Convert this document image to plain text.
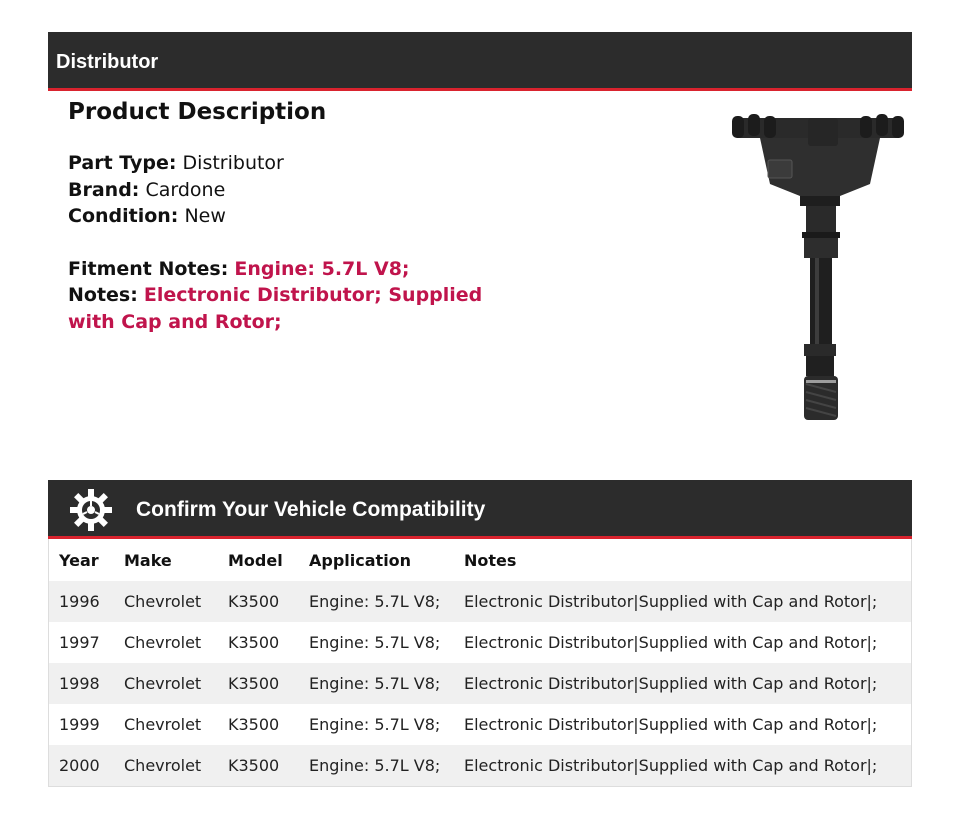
Distributor
Product Description
Part Type: Distributor
Brand: Cardone
Condition: New
Fitment Notes: Engine: 5.7L V8;
Notes: Electronic Distributor; Supplied with Cap and Rotor;
Confirm Your Vehicle Compatibility
Year	Make	Model	Application	Notes
1996	Chevrolet	K3500	Engine: 5.7L V8;	Electronic Distributor|Supplied with Cap and Rotor|;
1997	Chevrolet	K3500	Engine: 5.7L V8;	Electronic Distributor|Supplied with Cap and Rotor|;
1998	Chevrolet	K3500	Engine: 5.7L V8;	Electronic Distributor|Supplied with Cap and Rotor|;
1999	Chevrolet	K3500	Engine: 5.7L V8;	Electronic Distributor|Supplied with Cap and Rotor|;
2000	Chevrolet	K3500	Engine: 5.7L V8;	Electronic Distributor|Supplied with Cap and Rotor|;
